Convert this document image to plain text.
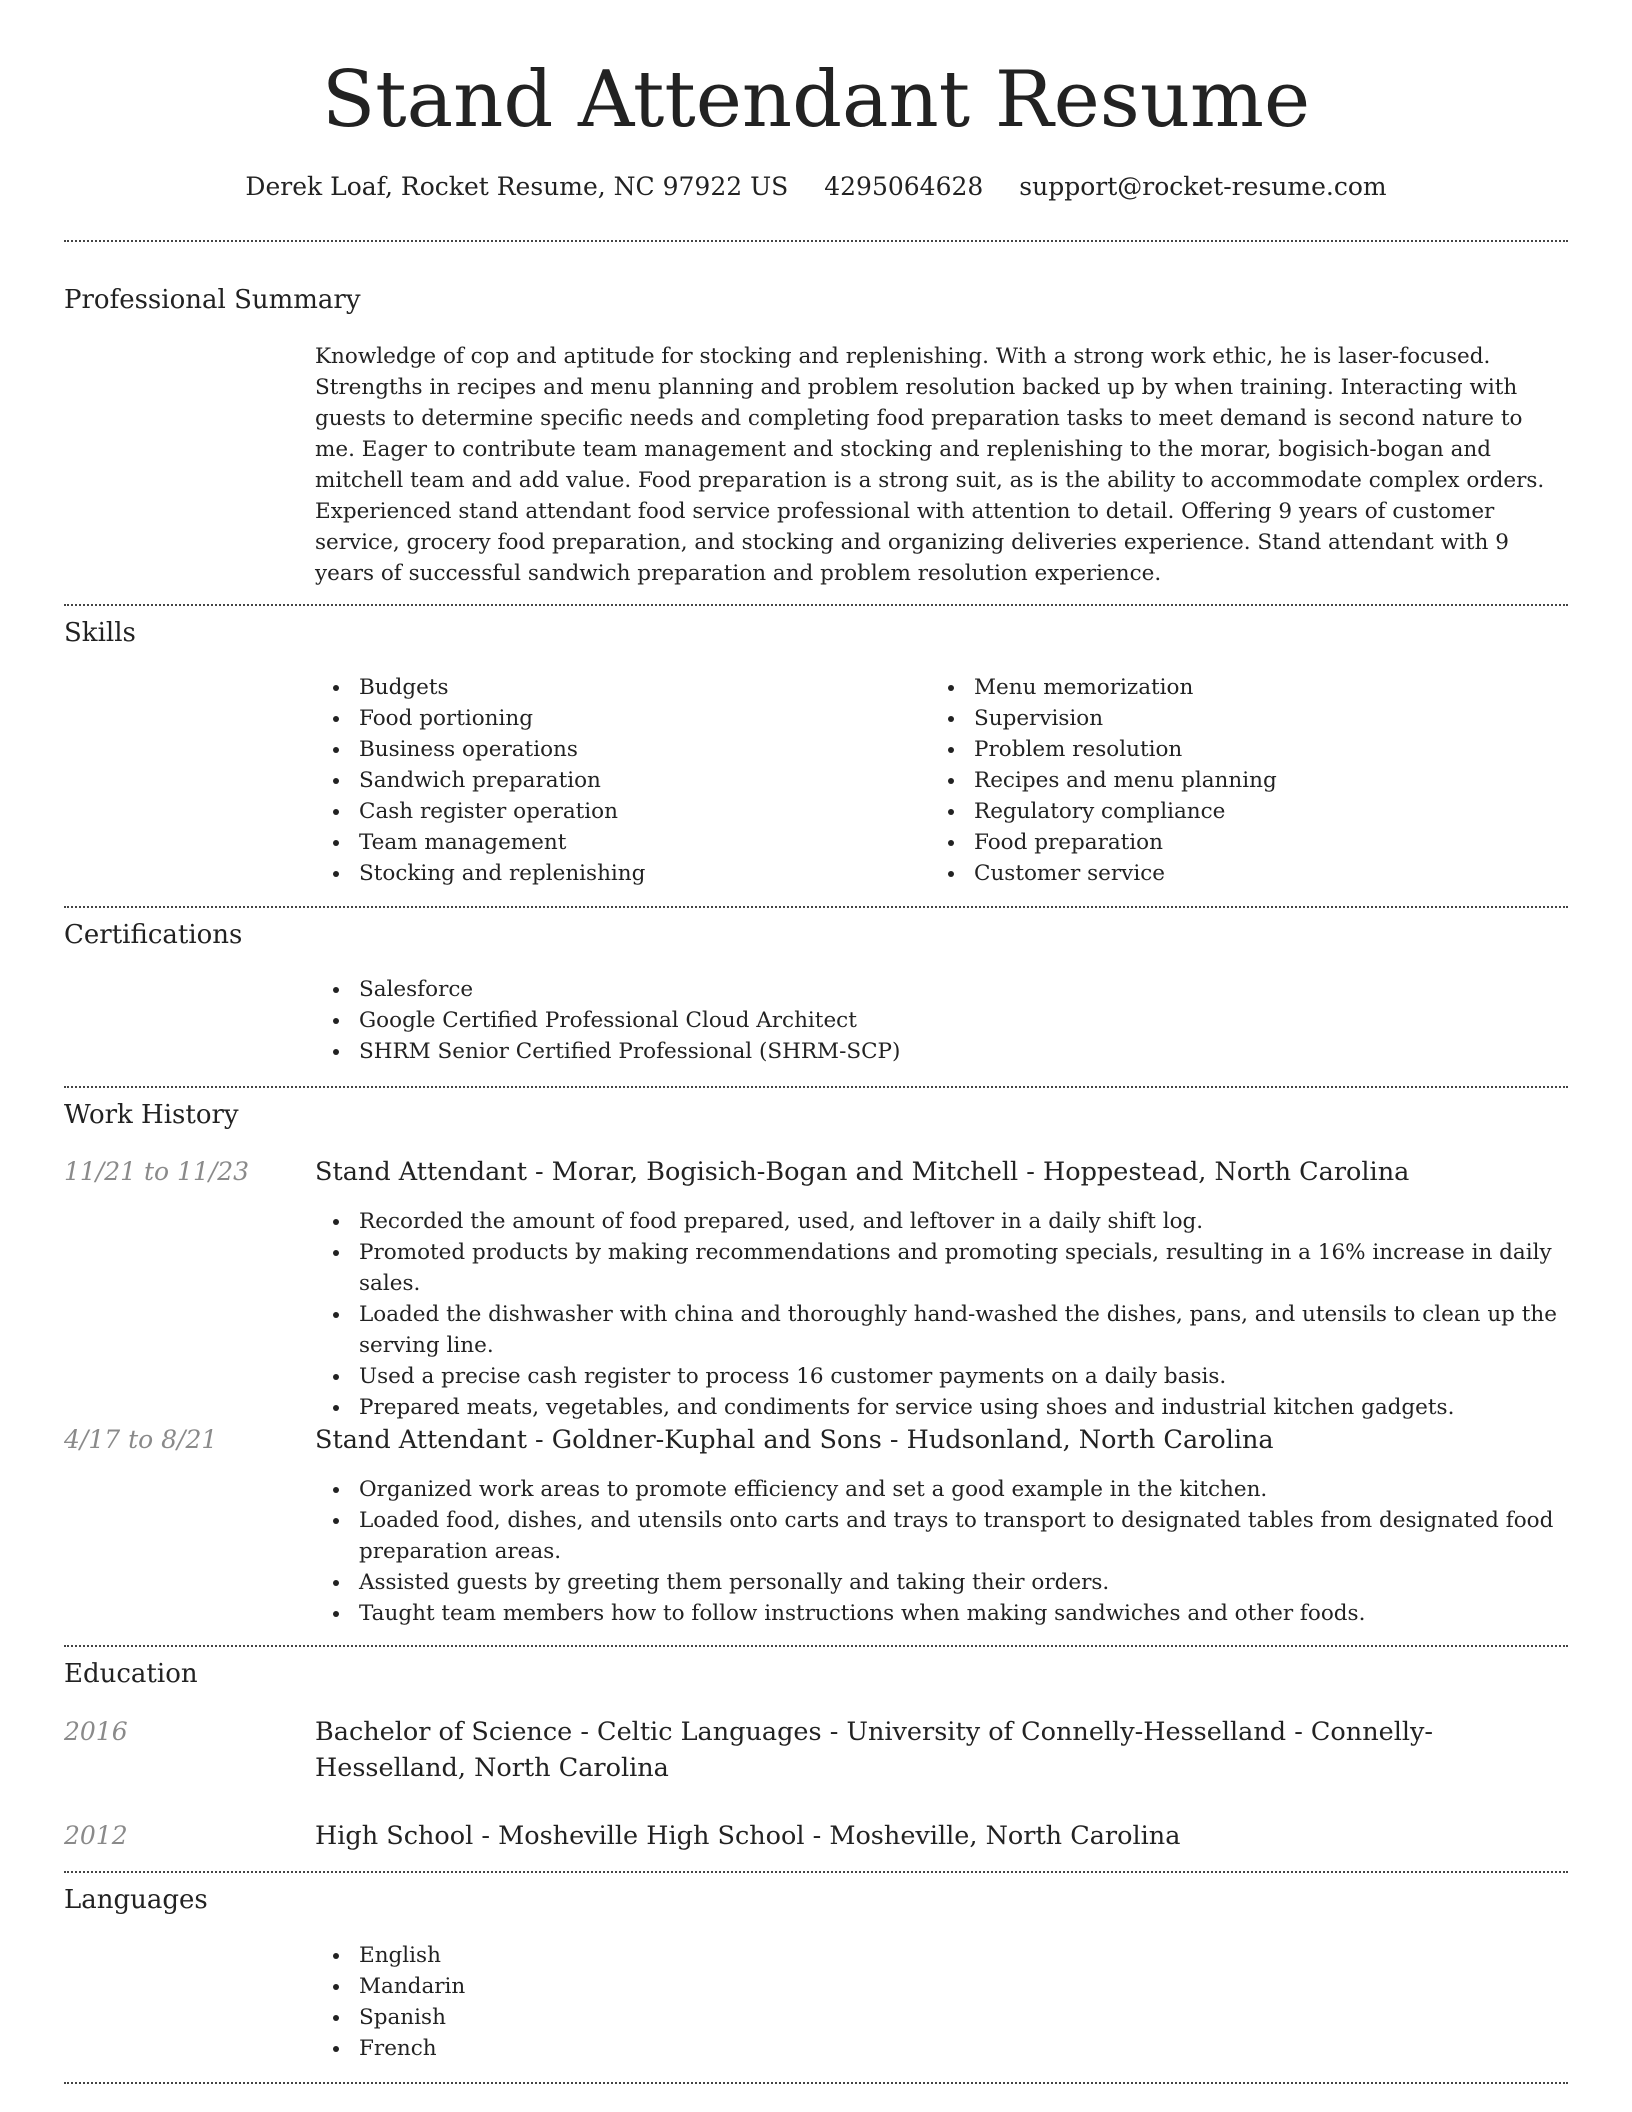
Stand Attendant Resume
Derek Loaf, Rocket Resume, NC 97922 US 4295064628 support@rocket-resume.com
Professional Summary
Knowledge of cop and aptitude for stocking and replenishing. With a strong work ethic, he is laser-focused. Strengths in recipes and menu planning and problem resolution backed up by when training. Interacting with guests to determine specific needs and completing food preparation tasks to meet demand is second nature to me. Eager to contribute team management and stocking and replenishing to the morar, bogisich-bogan and mitchell team and add value. Food preparation is a strong suit, as is the ability to accommodate complex orders. Experienced stand attendant food service professional with attention to detail. Offering 9 years of customer service, grocery food preparation, and stocking and organizing deliveries experience. Stand attendant with 9 years of successful sandwich preparation and problem resolution experience.
Skills
Budgets
Food portioning
Business operations
Sandwich preparation
Cash register operation
Team management
Stocking and replenishing
Menu memorization
Supervision
Problem resolution
Recipes and menu planning
Regulatory compliance
Food preparation
Customer service
Certifications
Salesforce
Google Certified Professional Cloud Architect
SHRM Senior Certified Professional (SHRM-SCP)
Work History
11/21 to 11/23	Stand Attendant - Morar, Bogisich-Bogan and Mitchell - Hoppestead, North Carolina
Recorded the amount of food prepared, used, and leftover in a daily shift log.
Promoted products by making recommendations and promoting specials, resulting in a 16% increase in daily sales.
Loaded the dishwasher with china and thoroughly hand-washed the dishes, pans, and utensils to clean up the serving line.
Used a precise cash register to process 16 customer payments on a daily basis.
Prepared meats, vegetables, and condiments for service using shoes and industrial kitchen gadgets.
4/17 to 8/21	Stand Attendant - Goldner-Kuphal and Sons - Hudsonland, North Carolina
Organized work areas to promote efficiency and set a good example in the kitchen.
Loaded food, dishes, and utensils onto carts and trays to transport to designated tables from designated food preparation areas.
Assisted guests by greeting them personally and taking their orders.
Taught team members how to follow instructions when making sandwiches and other foods.
Education
2016	Bachelor of Science - Celtic Languages - University of Connelly-Hesselland - Connelly-Hesselland, North Carolina
2012	High School - Mosheville High School - Mosheville, North Carolina
Languages
English
Mandarin
Spanish
French
